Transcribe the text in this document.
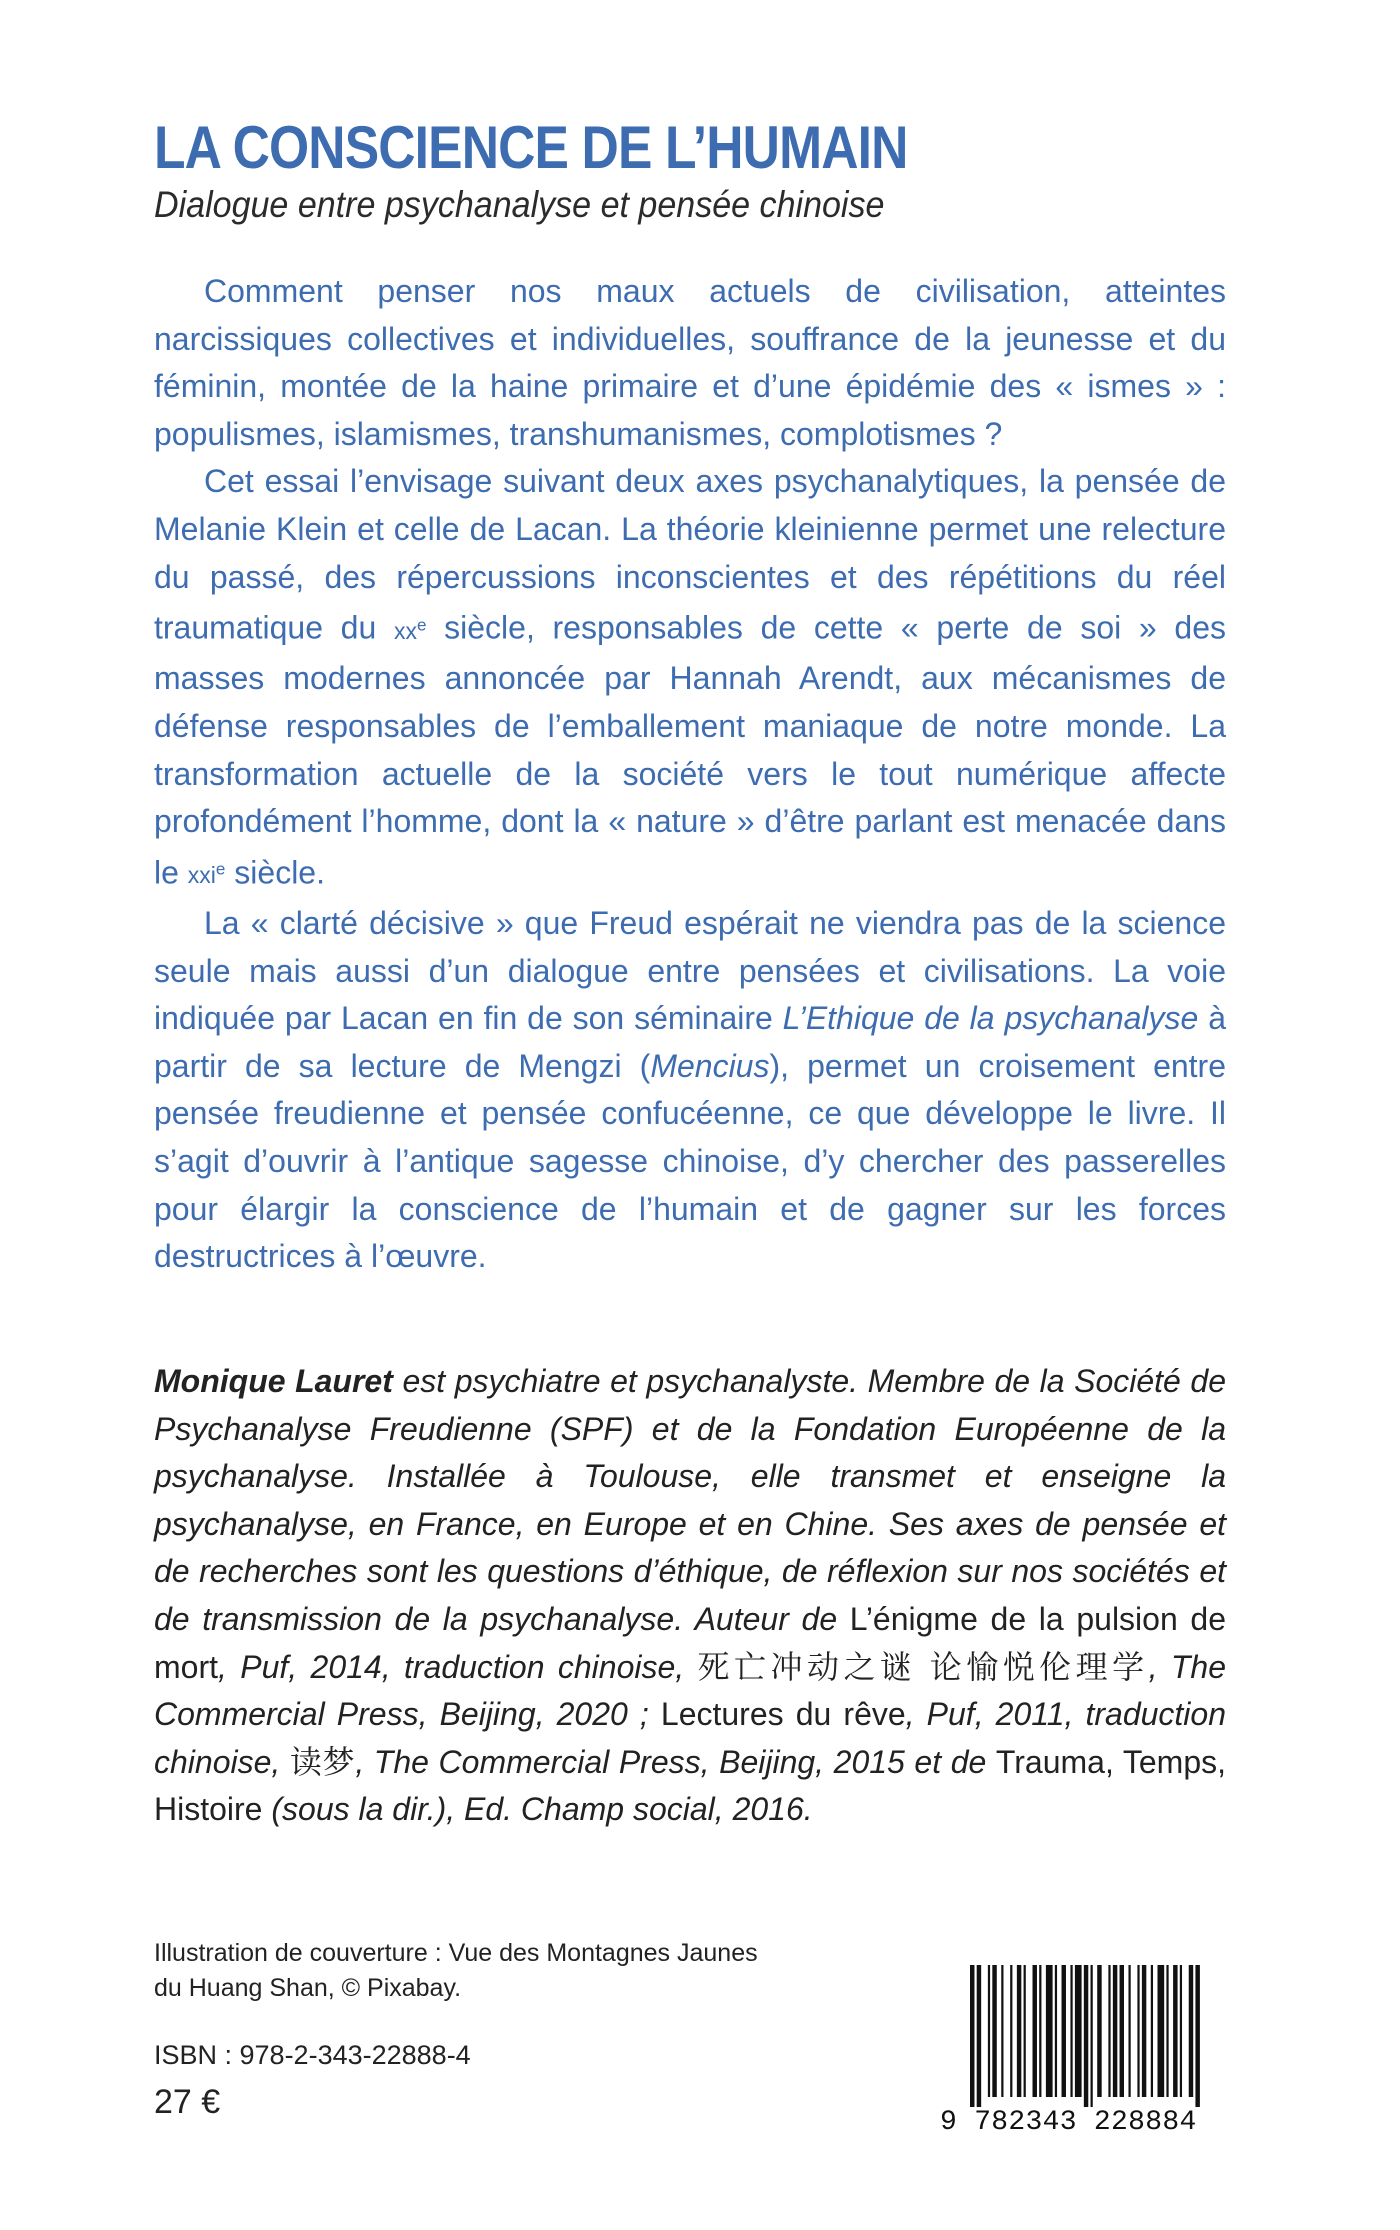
LA CONSCIENCE DE L’HUMAIN
Dialogue entre psychanalyse et pensée chinoise

Comment penser nos maux actuels de civilisation, atteintes narcissiques collectives et individuelles, souffrance de la jeunesse et du féminin, montée de la haine primaire et d’une épidémie des « ismes » : populismes, islamismes, transhumanismes, complotismes ?

Cet essai l’envisage suivant deux axes psychanalytiques, la pensée de Melanie Klein et celle de Lacan. La théorie kleinienne permet une relecture du passé, des répercussions inconscientes et des répétitions du réel traumatique du $xx^e$ siècle, responsables de cette « perte de soi » des masses modernes annoncée par Hannah Arendt, aux mécanismes de défense responsables de l’emballement maniaque de notre monde. La transformation actuelle de la société vers le tout numérique affecte profondément l’homme, dont la « nature » d’être parlant est menacée dans le xxi$^e$ siècle.

La « clarté décisive » que Freud espérait ne viendra pas de la science seule mais aussi d’un dialogue entre pensées et civilisations. La voie indiquée par Lacan en fin de son séminaire L’Ethique de la psychanalyse à partir de sa lecture de Mengzi (Mencius), permet un croisement entre pensée freudienne et pensée confucéenne, ce que développe le livre. Il s’agit d’ouvrir à l’antique sagesse chinoise, d’y chercher des passerelles pour élargir la conscience de l’humain et de gagner sur les forces destructrices à l’œuvre.

Monique Lauret est psychiatre et psychanalyste. Membre de la Société de Psychanalyse Freudienne (SPF) et de la Fondation Européenne de la psychanalyse. Installée à Toulouse, elle transmet et enseigne la psychanalyse, en France, en Europe et en Chine. Ses axes de pensée et de recherches sont les questions d’éthique, de réflexion sur nos sociétés et de transmission de la psychanalyse. Auteur de L’énigme de la pulsion de mort, Puf, 2014, traduction chinoise, 死亡冲动之谜 论愉悦伦理学, The Commercial Press, Beijing, 2020 ; Lectures du rêve, Puf, 2011, traduction chinoise, 读梦, The Commercial Press, Beijing, 2015 et de Trauma, Temps, Histoire (sous la dir.), Ed. Champ social, 2016.

Illustration de couverture : Vue des Montagnes Jaunes
du Huang Shan, © Pixabay.
ISBN : 978-2-343-22888-4
27 €
9 782343 228884
